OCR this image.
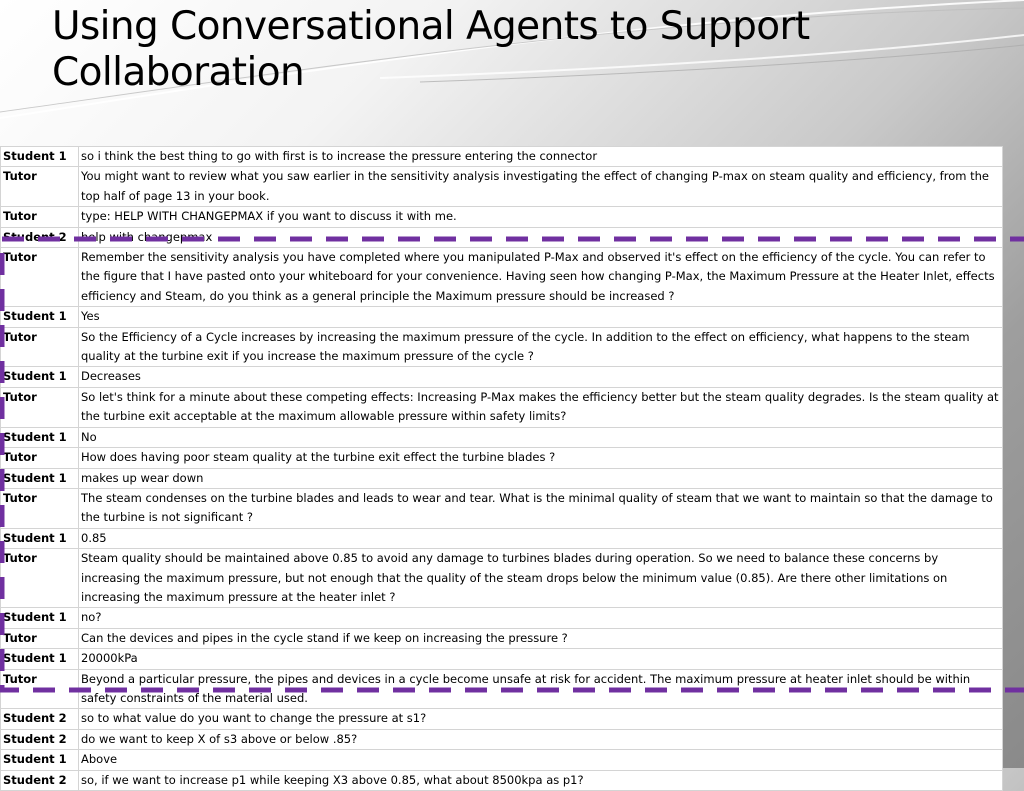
Using Conversational Agents to Support Collaboration
Student 1	so i think the best thing to go with first is to increase the pressure entering the connector
Tutor	You might want to review what you saw earlier in the sensitivity analysis investigating the effect of changing P-max on steam quality and efficiency, from the top half of page 13 in your book.
Tutor	type: HELP WITH CHANGEPMAX if you want to discuss it with me.
Student 2	help with changepmax
Tutor	Remember the sensitivity analysis you have completed where you manipulated P-Max and observed it's effect on the efficiency of the cycle. You can refer to the figure that I have pasted onto your whiteboard for your convenience. Having seen how changing P-Max, the Maximum Pressure at the Heater Inlet, effects efficiency and Steam, do you think as a general principle the Maximum pressure should be increased ?
Student 1	Yes
Tutor	So the Efficiency of a Cycle increases by increasing the maximum pressure of the cycle. In addition to the effect on efficiency, what happens to the steam quality at the turbine exit if you increase the maximum pressure of the cycle ?
Student 1	Decreases
Tutor	So let's think for a minute about these competing effects: Increasing P-Max makes the efficiency better but the steam quality degrades. Is the steam quality at the turbine exit acceptable at the maximum allowable pressure within safety limits?
Student 1	No
Tutor	How does having poor steam quality at the turbine exit effect the turbine blades ?
Student 1	makes up wear down
Tutor	The steam condenses on the turbine blades and leads to wear and tear. What is the minimal quality of steam that we want to maintain so that the damage to the turbine is not significant ?
Student 1	0.85
Tutor	Steam quality should be maintained above 0.85 to avoid any damage to turbines blades during operation. So we need to balance these concerns by increasing the maximum pressure, but not enough that the quality of the steam drops below the minimum value (0.85). Are there other limitations on increasing the maximum pressure at the heater inlet ?
Student 1	no?
Tutor	Can the devices and pipes in the cycle stand if we keep on increasing the pressure ?
Student 1	20000kPa
Tutor	Beyond a particular pressure, the pipes and devices in a cycle become unsafe at risk for accident. The maximum pressure at heater inlet should be within safety constraints of the material used.
Student 2	so to what value do you want to change the pressure at s1?
Student 2	do we want to keep X of s3 above or below .85?
Student 1	Above
Student 2	so, if we want to increase p1 while keeping X3 above 0.85, what about 8500kpa as p1?
